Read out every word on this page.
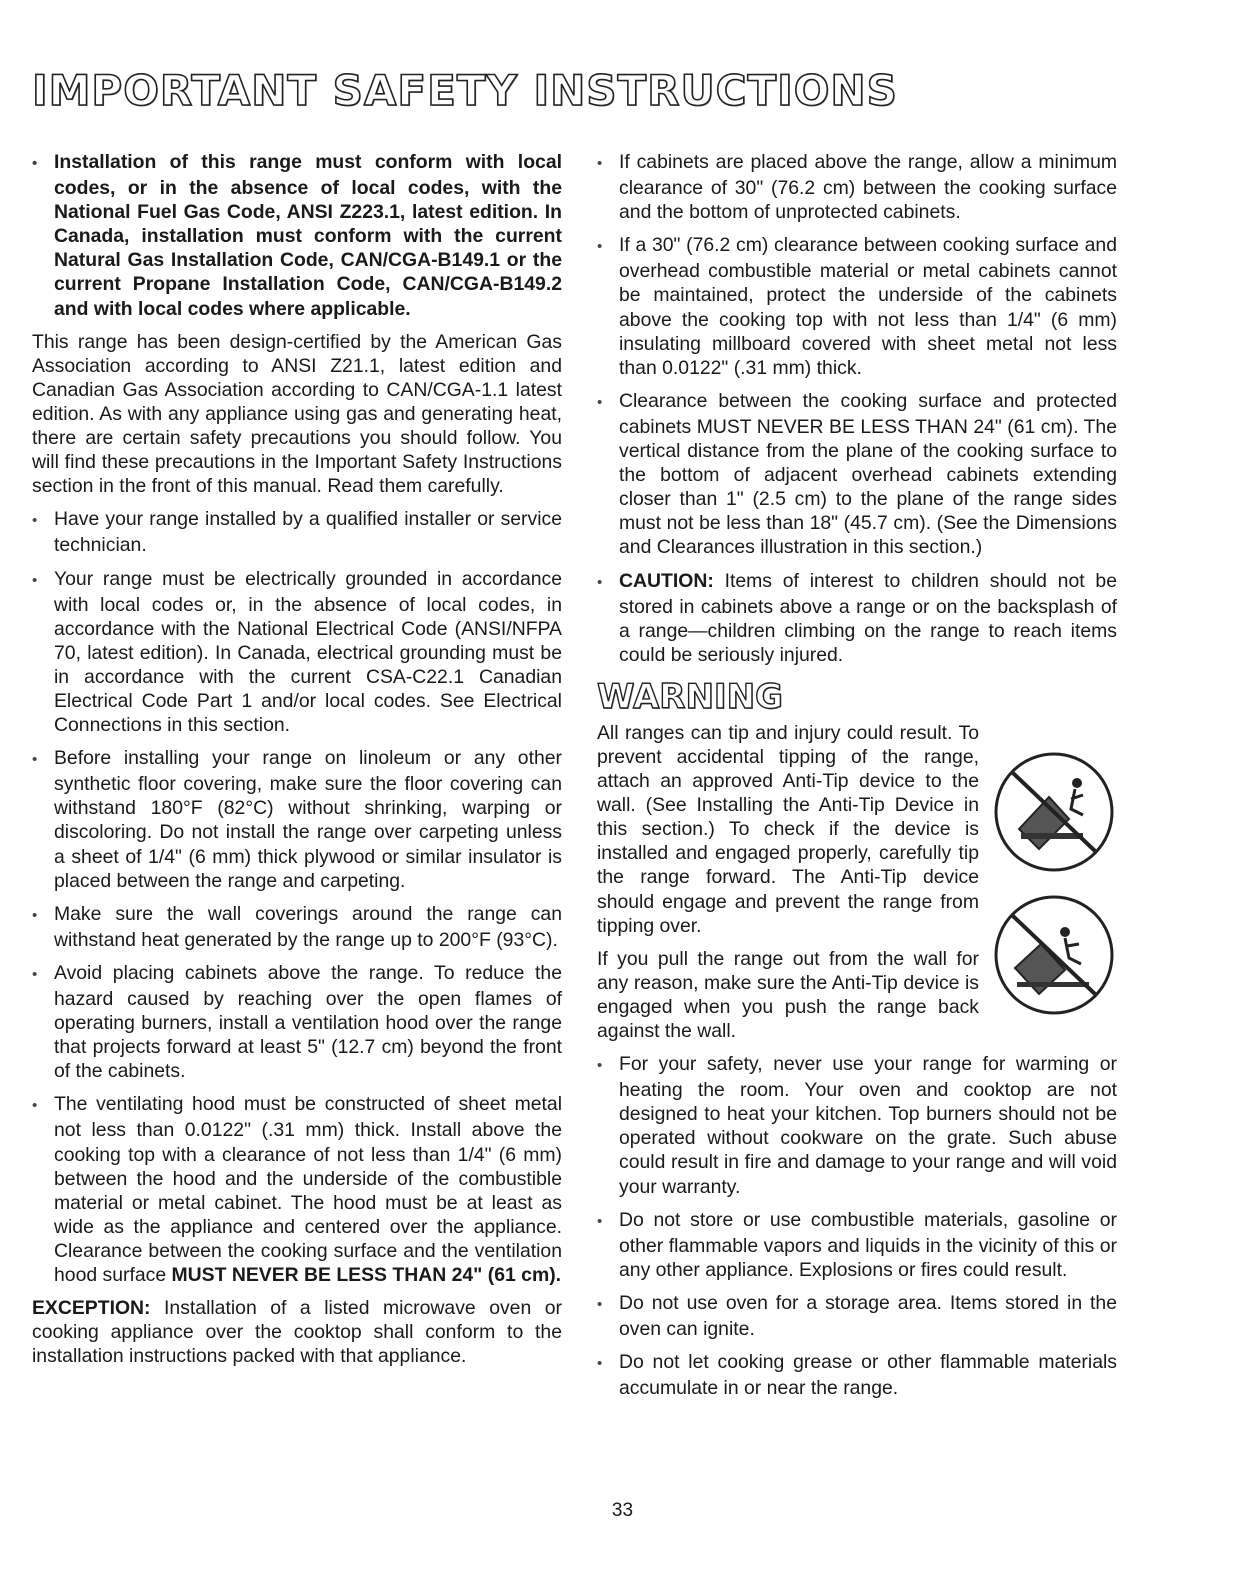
IMPORTANT SAFETY INSTRUCTIONS

• Installation of this range must conform with local codes, or in the absence of local codes, with the National Fuel Gas Code, ANSI Z223.1, latest edition. In Canada, installation must conform with the current Natural Gas Installation Code, CAN/CGA-B149.1 or the current Propane Installation Code, CAN/CGA-B149.2 and with local codes where applicable.

This range has been design-certified by the American Gas Association according to ANSI Z21.1, latest edition and Canadian Gas Association according to CAN/CGA-1.1 latest edition. As with any appliance using gas and generating heat, there are certain safety precautions you should follow. You will find these precautions in the Important Safety Instructions section in the front of this manual. Read them carefully.

• Have your range installed by a qualified installer or service technician.

• Your range must be electrically grounded in accordance with local codes or, in the absence of local codes, in accordance with the National Electrical Code (ANSI/NFPA 70, latest edition). In Canada, electrical grounding must be in accordance with the current CSA-C22.1 Canadian Electrical Code Part 1 and/or local codes. See Electrical Connections in this section.

• Before installing your range on linoleum or any other synthetic floor covering, make sure the floor covering can withstand 180°F (82°C) without shrinking, warping or discoloring. Do not install the range over carpeting unless a sheet of 1/4" (6 mm) thick plywood or similar insulator is placed between the range and carpeting.

• Make sure the wall coverings around the range can withstand heat generated by the range up to 200°F (93°C).

• Avoid placing cabinets above the range. To reduce the hazard caused by reaching over the open flames of operating burners, install a ventilation hood over the range that projects forward at least 5" (12.7 cm) beyond the front of the cabinets.

• The ventilating hood must be constructed of sheet metal not less than 0.0122" (.31 mm) thick. Install above the cooking top with a clearance of not less than 1/4" (6 mm) between the hood and the underside of the combustible material or metal cabinet. The hood must be at least as wide as the appliance and centered over the appliance. Clearance between the cooking surface and the ventilation hood surface MUST NEVER BE LESS THAN 24" (61 cm).

EXCEPTION: Installation of a listed microwave oven or cooking appliance over the cooktop shall conform to the installation instructions packed with that appliance.

• If cabinets are placed above the range, allow a minimum clearance of 30" (76.2 cm) between the cooking surface and the bottom of unprotected cabinets.

• If a 30" (76.2 cm) clearance between cooking surface and overhead combustible material or metal cabinets cannot be maintained, protect the underside of the cabinets above the cooking top with not less than 1/4" (6 mm) insulating millboard covered with sheet metal not less than 0.0122" (.31 mm) thick.

• Clearance between the cooking surface and protected cabinets MUST NEVER BE LESS THAN 24" (61 cm). The vertical distance from the plane of the cooking surface to the bottom of adjacent overhead cabinets extending closer than 1" (2.5 cm) to the plane of the range sides must not be less than 18" (45.7 cm). (See the Dimensions and Clearances illustration in this section.)

• CAUTION: Items of interest to children should not be stored in cabinets above a range or on the backsplash of a range—children climbing on the range to reach items could be seriously injured.

WARNING

All ranges can tip and injury could result. To prevent accidental tipping of the range, attach an approved Anti-Tip device to the wall. (See Installing the Anti-Tip Device in this section.) To check if the device is installed and engaged properly, carefully tip the range forward. The Anti-Tip device should engage and prevent the range from tipping over.

If you pull the range out from the wall for any reason, make sure the Anti-Tip device is engaged when you push the range back against the wall.

• For your safety, never use your range for warming or heating the room. Your oven and cooktop are not designed to heat your kitchen. Top burners should not be operated without cookware on the grate. Such abuse could result in fire and damage to your range and will void your warranty.

• Do not store or use combustible materials, gasoline or other flammable vapors and liquids in the vicinity of this or any other appliance. Explosions or fires could result.

• Do not use oven for a storage area. Items stored in the oven can ignite.

• Do not let cooking grease or other flammable materials accumulate in or near the range.

33
